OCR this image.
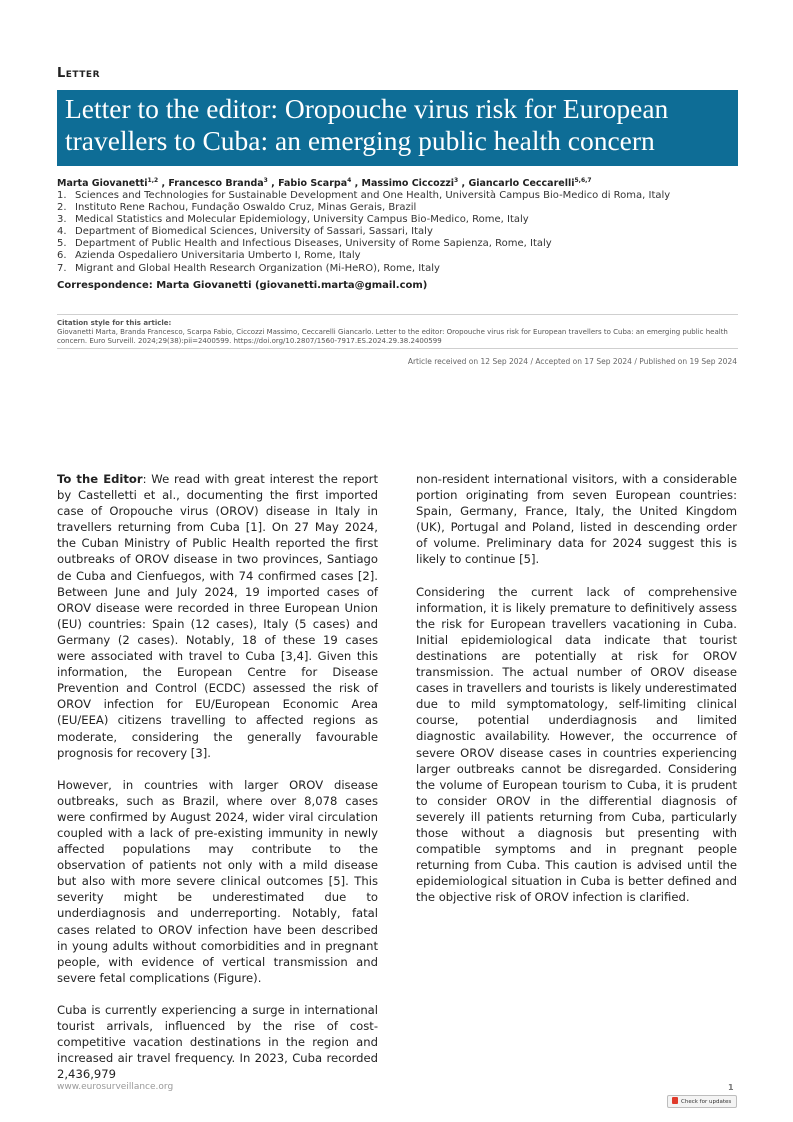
Letter
Letter to the editor: Oropouche virus risk for European travellers to Cuba: an emerging public health concern
Marta Giovanetti$^{1,2}$ , Francesco Branda$^3$ , Fabio Scarpa$^4$ , Massimo Ciccozzi$^3$ , Giancarlo Ceccarelli$^{5,6,7}$
1. Sciences and Technologies for Sustainable Development and One Health, Università Campus Bio-Medico di Roma, Italy
2. Instituto Rene Rachou, Fundação Oswaldo Cruz, Minas Gerais, Brazil
3. Medical Statistics and Molecular Epidemiology, University Campus Bio-Medico, Rome, Italy
4. Department of Biomedical Sciences, University of Sassari, Sassari, Italy
5. Department of Public Health and Infectious Diseases, University of Rome Sapienza, Rome, Italy
6. Azienda Ospedaliero Universitaria Umberto I, Rome, Italy
7. Migrant and Global Health Research Organization (Mi-HeRO), Rome, Italy
Correspondence: Marta Giovanetti (giovanetti.marta@gmail.com)
Citation style for this article:
Giovanetti Marta, Branda Francesco, Scarpa Fabio, Ciccozzi Massimo, Ceccarelli Giancarlo. Letter to the editor: Oropouche virus risk for European travellers to Cuba: an emerging public health concern. Euro Surveill. 2024;29(38):pii=2400599. https://doi.org/10.2807/1560-7917.ES.2024.29.38.2400599
Article received on 12 Sep 2024 / Accepted on 17 Sep 2024 / Published on 19 Sep 2024

To the Editor: We read with great interest the report by Castelletti et al., documenting the first imported case of Oropouche virus (OROV) disease in Italy in travellers returning from Cuba [1]. On 27 May 2024, the Cuban Ministry of Public Health reported the first outbreaks of OROV disease in two provinces, Santiago de Cuba and Cienfuegos, with 74 confirmed cases [2]. Between June and July 2024, 19 imported cases of OROV disease were recorded in three European Union (EU) countries: Spain (12 cases), Italy (5 cases) and Germany (2 cases). Notably, 18 of these 19 cases were associated with travel to Cuba [3,4]. Given this information, the European Centre for Disease Prevention and Control (ECDC) assessed the risk of OROV infection for EU/European Economic Area (EU/EEA) citizens travelling to affected regions as moderate, considering the generally favourable prognosis for recovery [3].

However, in countries with larger OROV disease outbreaks, such as Brazil, where over 8,078 cases were confirmed by August 2024, wider viral circulation coupled with a lack of pre-existing immunity in newly affected populations may contribute to the observation of patients not only with a mild disease but also with more severe clinical outcomes [5]. This severity might be underestimated due to underdiagnosis and underreporting. Notably, fatal cases related to OROV infection have been described in young adults without comorbidities and in pregnant people, with evidence of vertical transmission and severe fetal complications (Figure).

Cuba is currently experiencing a surge in international tourist arrivals, influenced by the rise of cost-competitive vacation destinations in the region and increased air travel frequency. In 2023, Cuba recorded 2,436,979

non-resident international visitors, with a considerable portion originating from seven European countries: Spain, Germany, France, Italy, the United Kingdom (UK), Portugal and Poland, listed in descending order of volume. Preliminary data for 2024 suggest this is likely to continue [5].

Considering the current lack of comprehensive information, it is likely premature to definitively assess the risk for European travellers vacationing in Cuba. Initial epidemiological data indicate that tourist destinations are potentially at risk for OROV transmission. The actual number of OROV disease cases in travellers and tourists is likely underestimated due to mild symptomatology, self-limiting clinical course, potential underdiagnosis and limited diagnostic availability. However, the occurrence of severe OROV disease cases in countries experiencing larger outbreaks cannot be disregarded. Considering the volume of European tourism to Cuba, it is prudent to consider OROV in the differential diagnosis of severely ill patients returning from Cuba, particularly those without a diagnosis but presenting with compatible symptoms and in pregnant people returning from Cuba. This caution is advised until the epidemiological situation in Cuba is better defined and the objective risk of OROV infection is clarified.

www.eurosurveillance.org	1
Check for updates
